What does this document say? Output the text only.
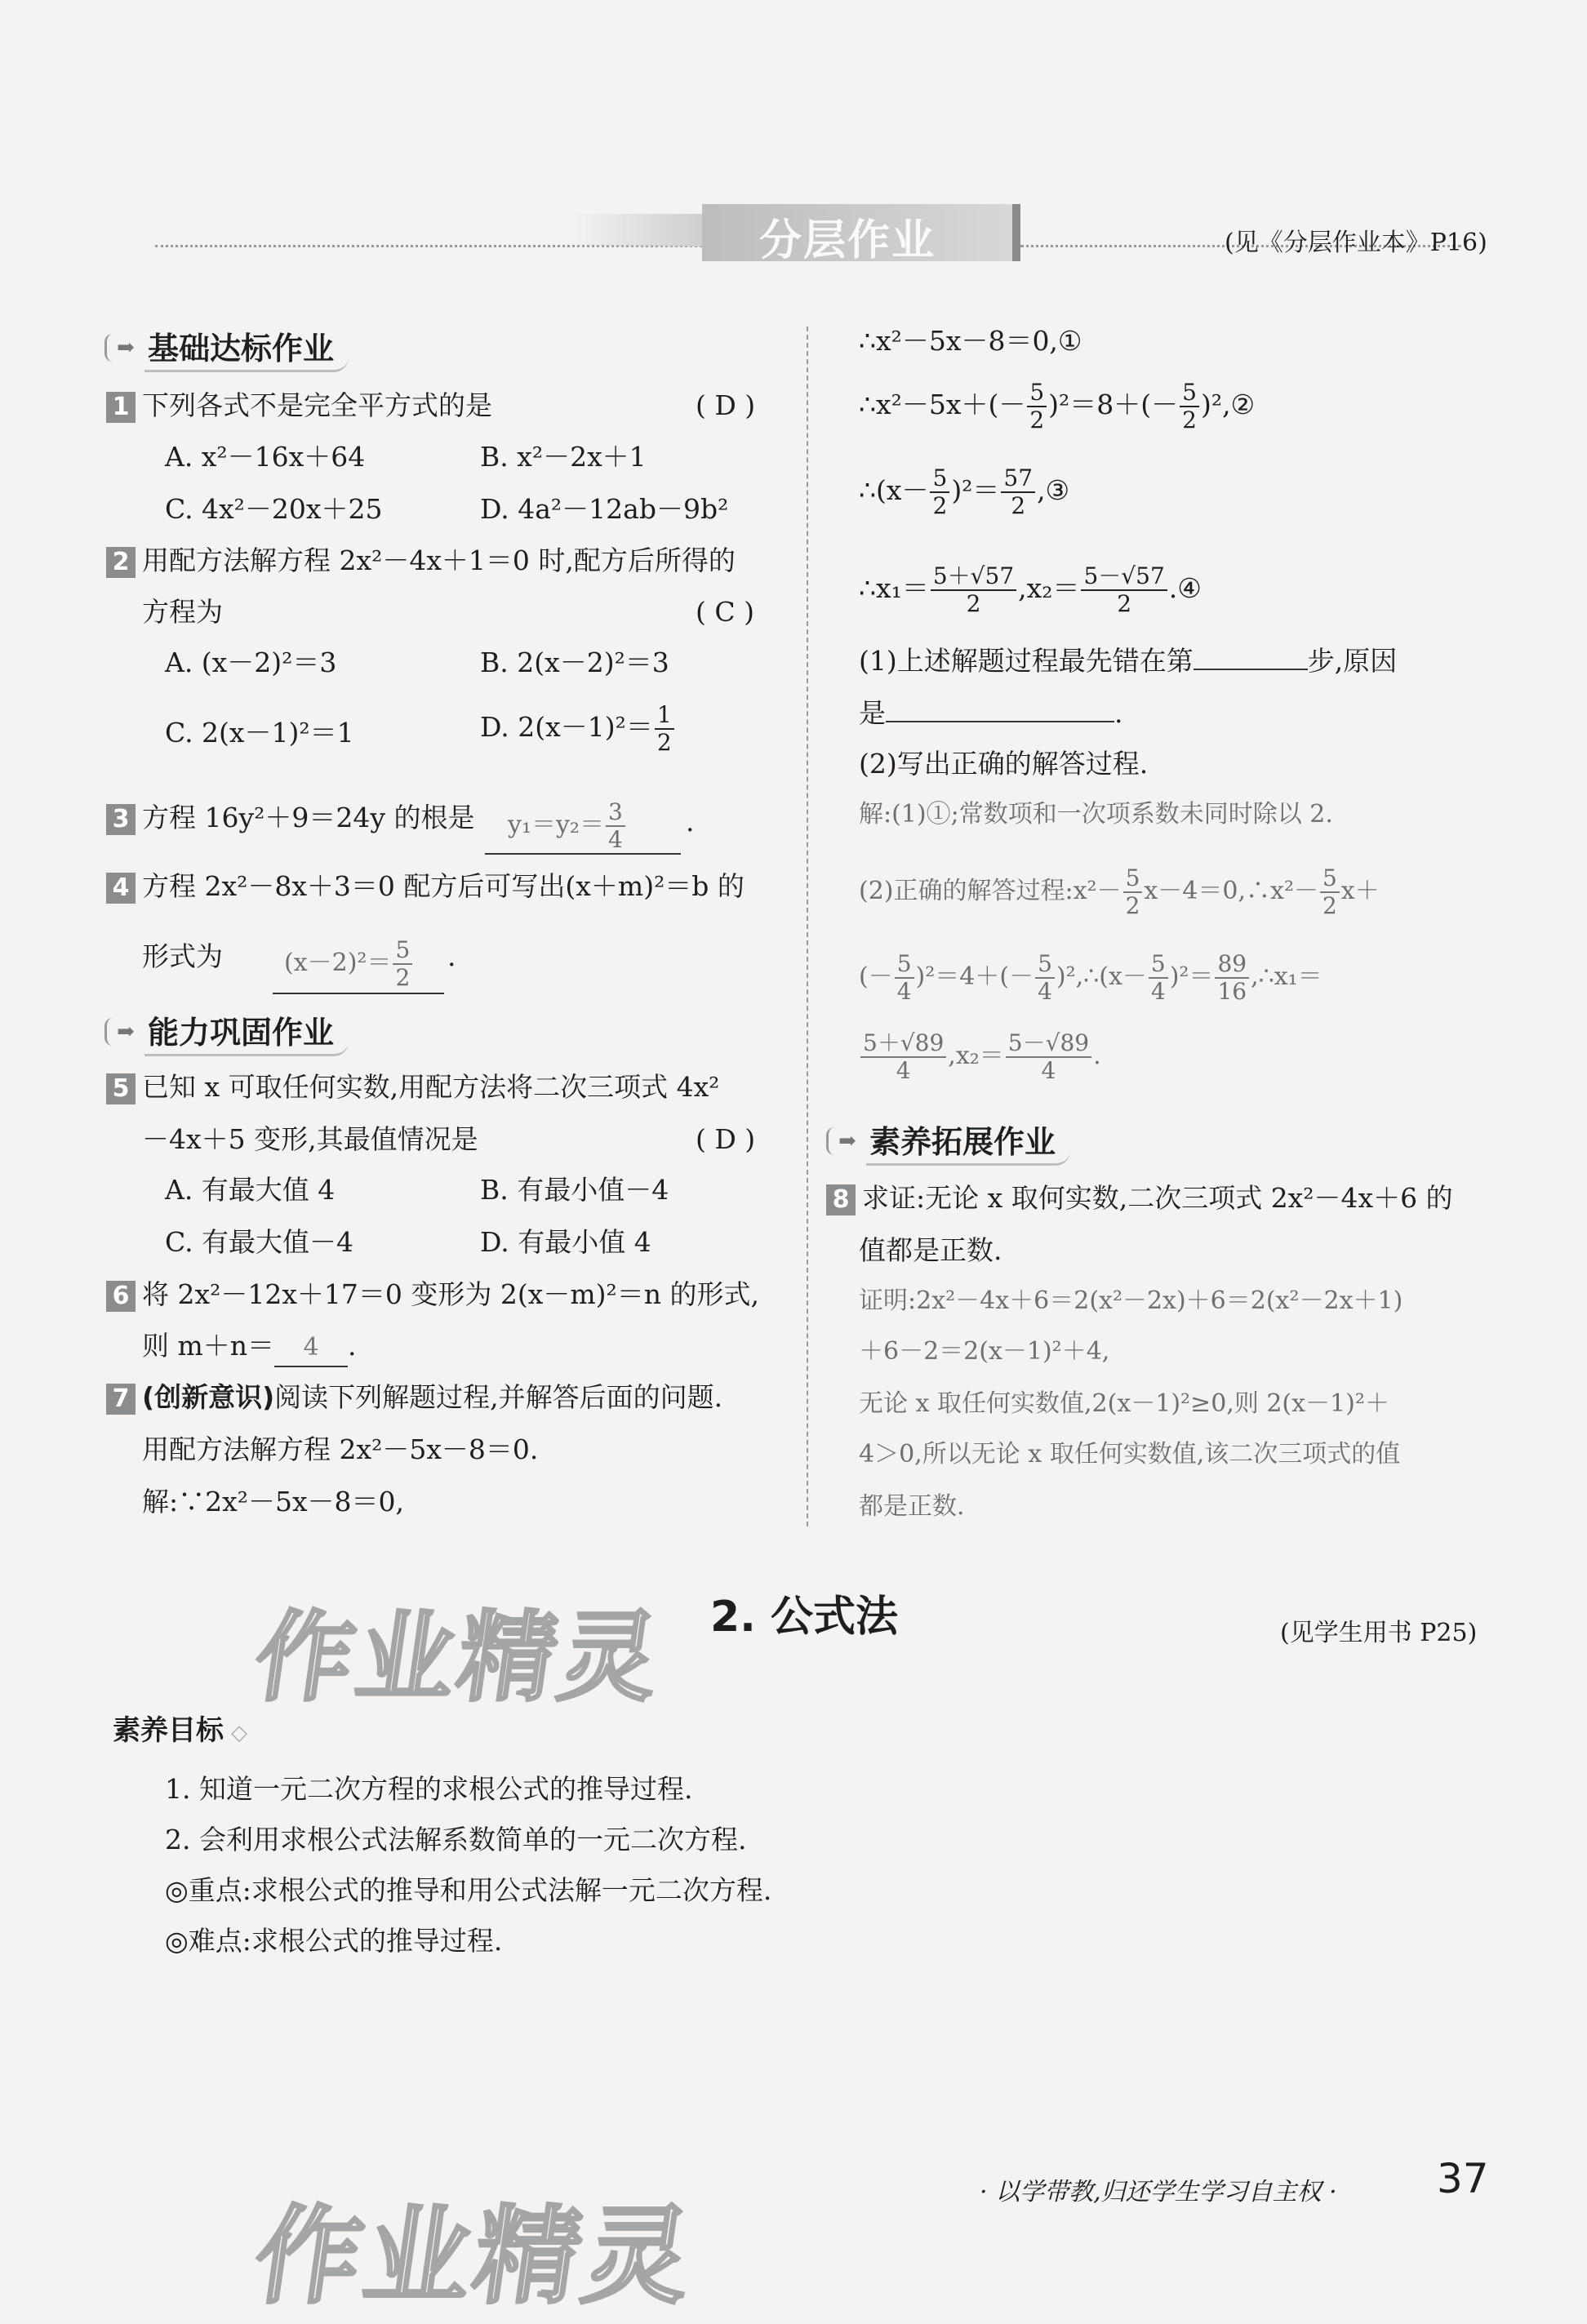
分层作业	(见《分层作业本》P16)
➡ 基础达标作业
1 下列各式不是完全平方式的是	( D )
A. x²－16x＋64	B. x²－2x＋1
C. 4x²－20x＋25	D. 4a²－12ab－9b²
2 用配方法解方程 2x²－4x＋1＝0 时,配方后所得的
方程为	( C )
A. (x－2)²＝3	B. 2(x－2)²＝3
C. 2(x－1)²＝1	D. $2(x-1)^2= \frac{1}{2}$
3 方程 16y²＋9＝24y 的根是	$y_1=y_2= \frac{3}{4}$ .
4 方程 2x²－8x＋3＝0 配方后可写出(x＋m)²＝b 的
形式为	$(x-2)^2= \frac{5}{2}$ .
➡ 能力巩固作业
5 已知 x 可取任何实数,用配方法将二次三项式 4x²
－4x＋5 变形,其最值情况是	( D )
A. 有最大值 4	B. 有最小值－4
C. 有最大值－4	D. 有最小值 4
6 将 2x²－12x＋17＝0 变形为 2(x－m)²＝n 的形式,
则 m＋n＝ 4 .
7 (创新意识)阅读下列解题过程,并解答后面的问题.
用配方法解方程 2x²－5x－8＝0.
解:∵2x²－5x－8＝0,
∴x²－5x－8＝0,①
∴x²－5x＋(－ $\frac{5}{2} )^2=8+(- \frac{5}{2}$ )²,②
∴(x－ $\frac{5}{2} )^2= \frac{57}{2}$ ,③
∴x₁＝ $\frac{5+√57}{2} ,x_2= \frac{5-√57}{2}$ .④
(1)上述解题过程最先错在第	步,原因
是	.
(2)写出正确的解答过程.
解:(1)①;常数项和一次项系数未同时除以 2.
(2)正确的解答过程:x²－ $\frac{5}{2}$ x－4＝0,∴x²－ $\frac{5}{2} x+$
(－ $\frac{5}{4} )^2=4+(- \frac{5}{4}$ )²,∴(x－ $\frac{5}{4} )^2= \frac{89}{16}$ ,∴x₁＝
$\frac{5+√89}{4} ,x_2= \frac{5-√89}{4}$ .
➡ 素养拓展作业
8 求证:无论 x 取何实数,二次三项式 2x²－4x＋6 的
值都是正数.
证明:2x²－4x＋6＝2(x²－2x)＋6＝2(x²－2x＋1)
＋6－2＝2(x－1)²＋4,
无论 x 取任何实数值,2(x－1)²≥0,则 2(x－1)²＋
4＞0,所以无论 x 取任何实数值,该二次三项式的值
都是正数.
作业精灵 2. 公式法	(见学生用书 P25)
素养目标 ◇
1. 知道一元二次方程的求根公式的推导过程.
2. 会利用求根公式法解系数简单的一元二次方程.
◎重点:求根公式的推导和用公式法解一元二次方程.
◎难点:求根公式的推导过程.
· 以学带教,归还学生学习自主权 · 37
作业精灵
